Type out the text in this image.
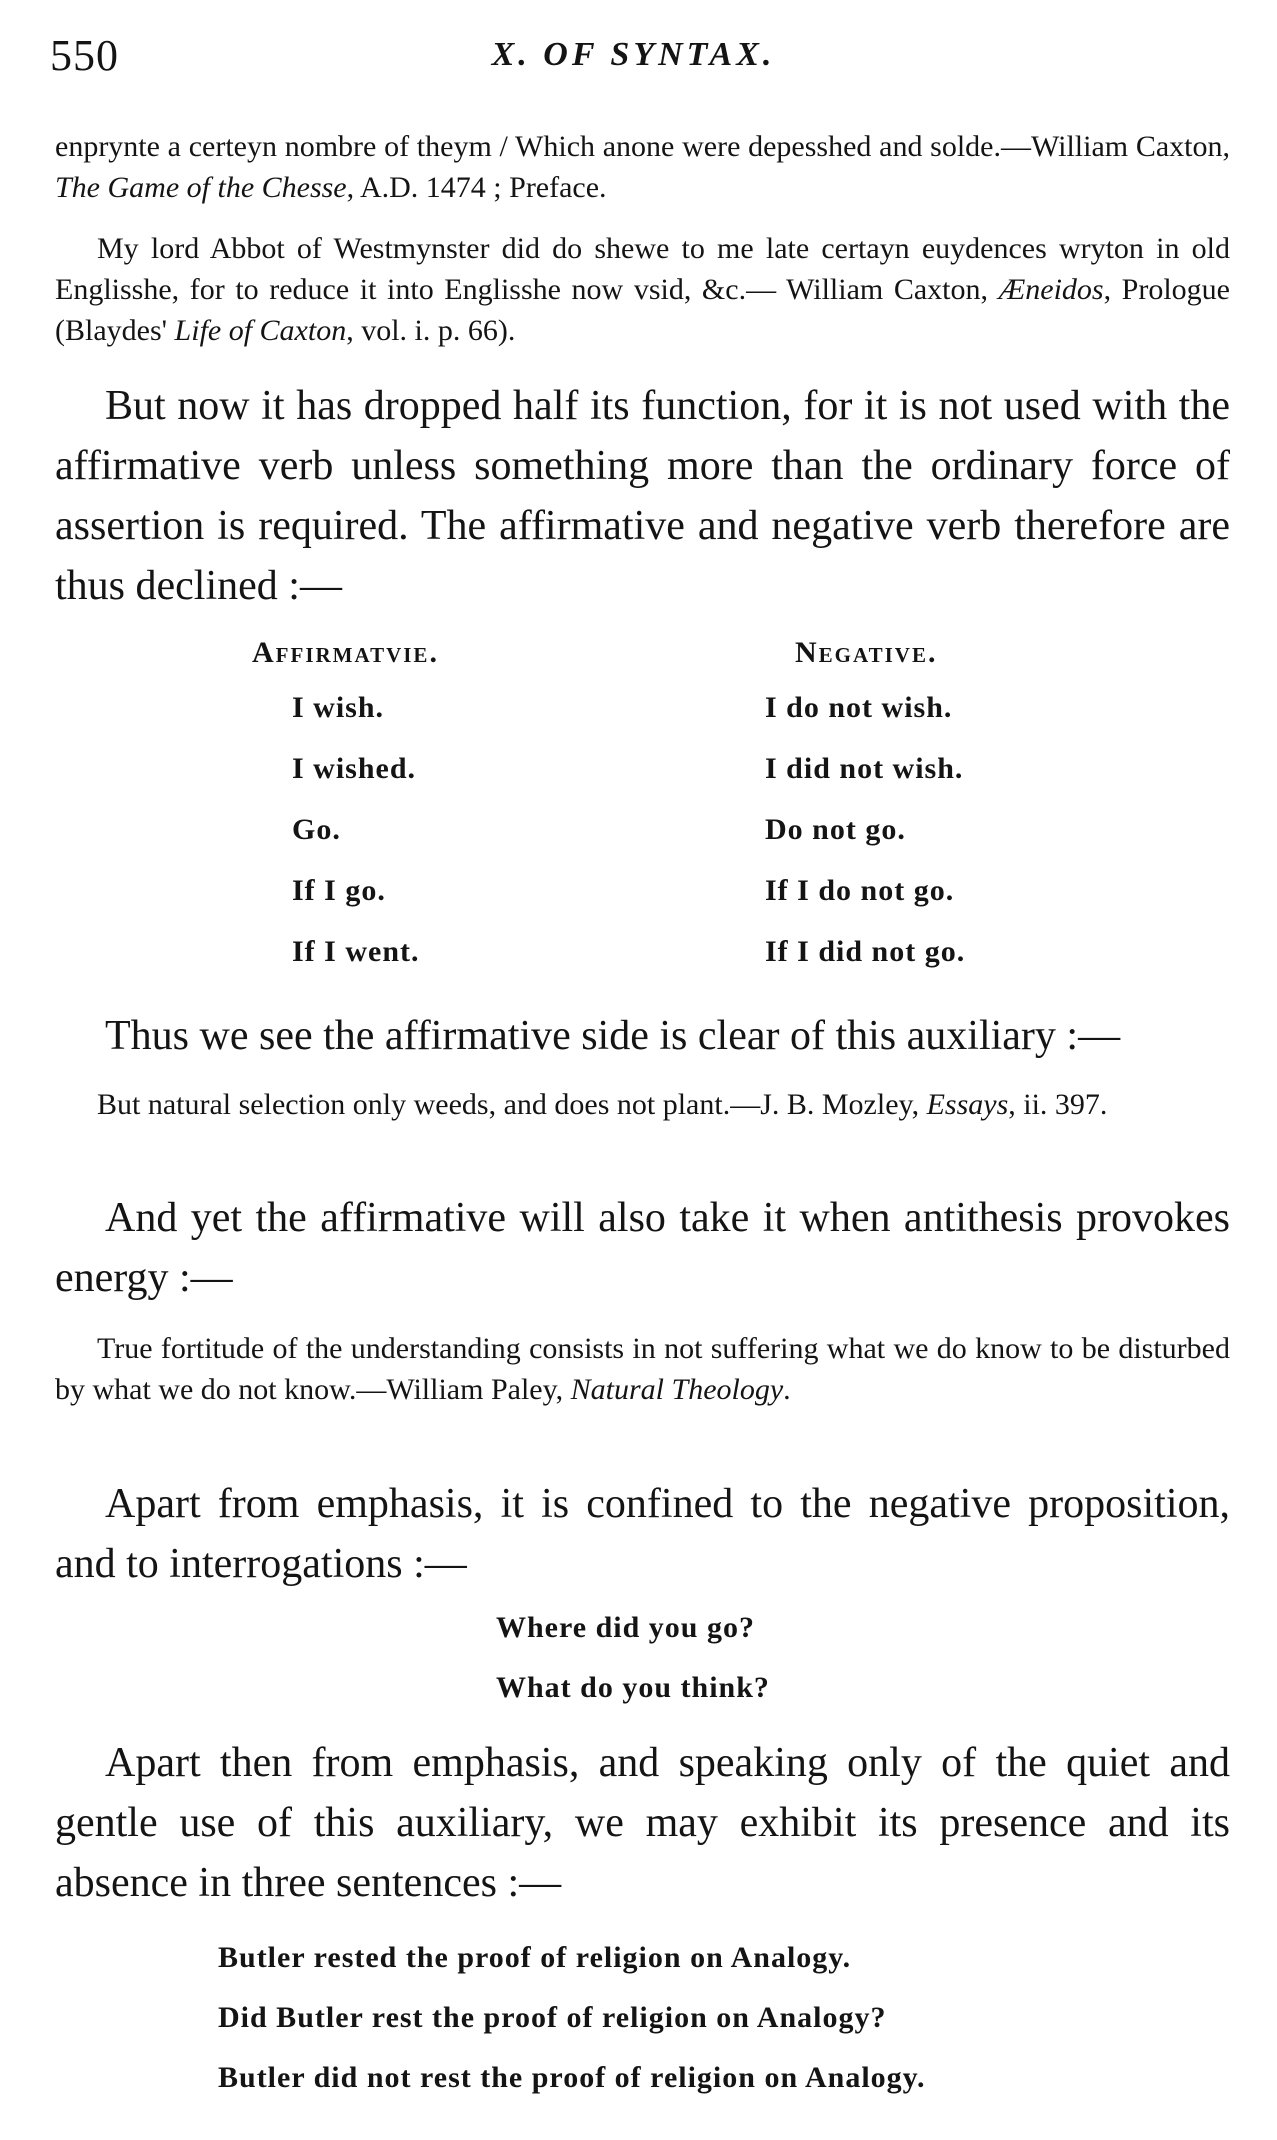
550	X. OF SYNTAX.

enprynte a certeyn nombre of theym / Which anone were depesshed and solde.—William Caxton, The Game of the Chesse, A.D. 1474 ; Preface.

My lord Abbot of Westmynster did do shewe to me late certayn euydences wryton in old Englisshe, for to reduce it into Englisshe now vsid, &c.— William Caxton, Æneidos, Prologue (Blaydes' Life of Caxton, vol. i. p. 66).

But now it has dropped half its function, for it is not used with the affirmative verb unless something more than the ordinary force of assertion is required. The affirmative and negative verb therefore are thus declined :—

Affirmatvie.
I wish.
I wished.
Go.
If I go.
If I went.
Negative.
I do not wish.
I did not wish.
Do not go.
If I do not go.
If I did not go.

Thus we see the affirmative side is clear of this auxiliary :—

But natural selection only weeds, and does not plant.—J. B. Mozley, Essays, ii. 397.

And yet the affirmative will also take it when antithesis provokes energy :—

True fortitude of the understanding consists in not suffering what we do know to be disturbed by what we do not know.—William Paley, Natural Theology.

Apart from emphasis, it is confined to the negative proposition, and to interrogations :—

Where did you go?
What do you think?

Apart then from emphasis, and speaking only of the quiet and gentle use of this auxiliary, we may exhibit its presence and its absence in three sentences :—

Butler rested the proof of religion on Analogy.
Did Butler rest the proof of religion on Analogy?
Butler did not rest the proof of religion on Analogy.
